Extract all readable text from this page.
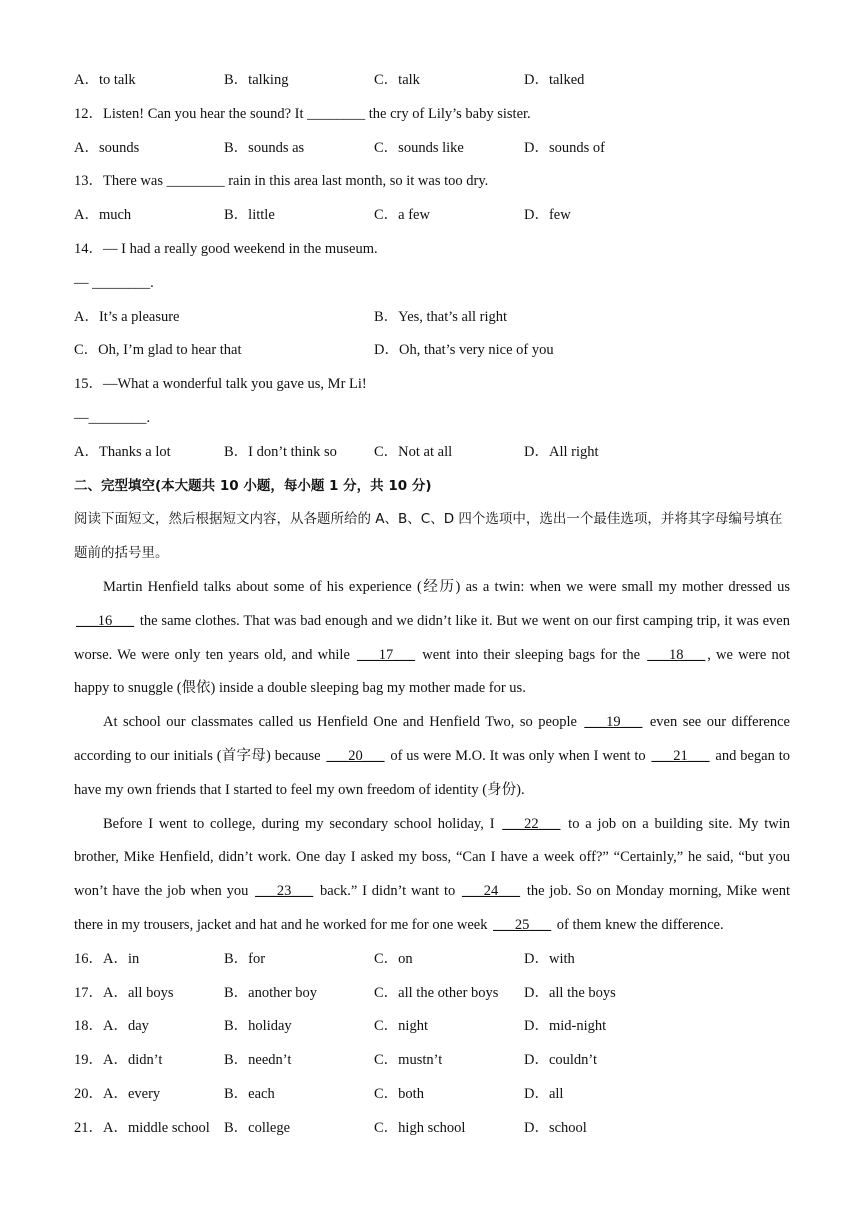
A．to talk	B．talking	C．talk	D．talked
12．Listen! Can you hear the sound? It ________ the cry of Lily’s baby sister.
A．sounds	B．sounds as	C．sounds like	D．sounds of
13．There was ________ rain in this area last month, so it was too dry.
A．much	B．little	C．a few	D．few
14．— I had a really good weekend in the museum.
— ________.
A．It’s a pleasure	B．Yes, that’s all right
C．Oh, I’m glad to hear that	D．Oh, that’s very nice of you
15．—What a wonderful talk you gave us, Mr Li!
—________.
A．Thanks a lot	B．I don’t think so	C．Not at all	D．All right
二、完型填空(本大题共 10 小题，每小题 1 分，共 10 分)
阅读下面短文，然后根据短文内容，从各题所给的 A、B、C、D 四个选项中，选出一个最佳选项，并将其字母编号填在题前的括号里。
Martin Henfield talks about some of his experience (经历) as a twin: when we were small my mother dressed us ___16___ the same clothes. That was bad enough and we didn’t like it. But we went on our first camping trip, it was even worse. We were only ten years old, and while ___17___ went into their sleeping bags for the ___18___ , we were not happy to snuggle (偎依) inside a double sleeping bag my mother made for us.
At school our classmates called us Henfield One and Henfield Two, so people ___19___ even see our difference according to our initials (首字母) because ___20___ of us were M.O. It was only when I went to ___21___ and began to have my own friends that I started to feel my own freedom of identity (身份).
Before I went to college, during my secondary school holiday, I ___22___ to a job on a building site. My twin brother, Mike Henfield, didn’t work. One day I asked my boss, “Can I have a week off?” “Certainly,” he said, “but you won’t have the job when you ___23___ back.” I didn’t want to ___24___ the job. So on Monday morning, Mike went there in my trousers, jacket and hat and he worked for me for one week ___25___ of them knew the difference.
16．A．in	B．for	C．on	D．with
17．A．all boys	B．another boy	C．all the other boys	D．all the boys
18．A．day	B．holiday	C．night	D．mid-night
19．A．didn’t	B．needn’t	C．mustn’t	D．couldn’t
20．A．every	B．each	C．both	D．all
21．A．middle school B．college	C．high school	D．school
